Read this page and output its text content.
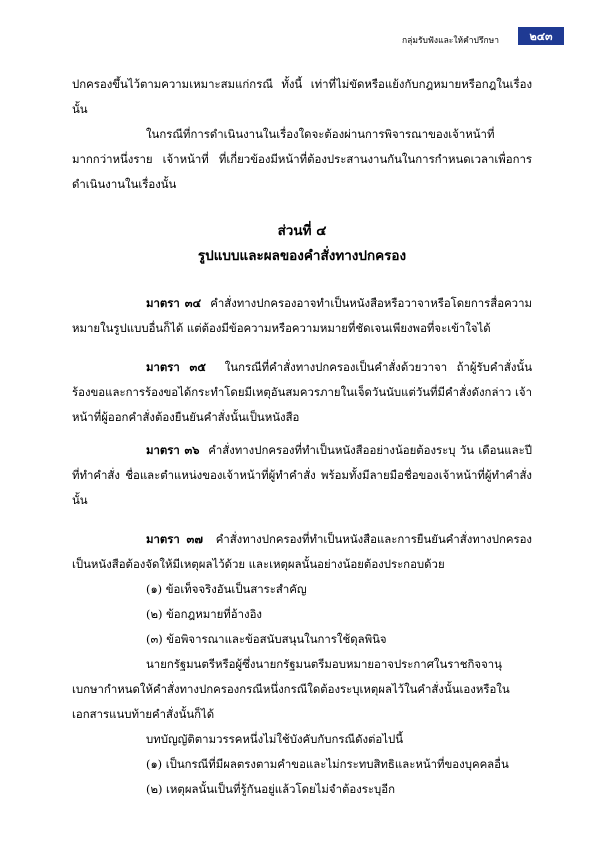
กลุ่มรับฟังและให้คำปรึกษา	๒๔๓

ปกครองขึ้นไว้ตามความเหมาะสมแก่กรณี ทั้งนี้ เท่าที่ไม่ขัดหรือแย้งกับกฎหมายหรือกฎในเรื่องนั้น

ในกรณีที่การดำเนินงานในเรื่องใดจะต้องผ่านการพิจารณาของเจ้าหน้าที่มากกว่าหนึ่งราย เจ้าหน้าที่ ที่เกี่ยวข้องมีหน้าที่ต้องประสานงานกันในการกำหนดเวลาเพื่อการดำเนินงานในเรื่องนั้น

ส่วนที่ ๔

รูปแบบและผลของคำสั่งทางปกครอง

มาตรา ๓๔ คำสั่งทางปกครองอาจทำเป็นหนังสือหรือวาจาหรือโดยการสื่อความหมายในรูปแบบอื่นก็ได้ แต่ต้องมีข้อความหรือความหมายที่ชัดเจนเพียงพอที่จะเข้าใจได้

มาตรา ๓๕ ในกรณีที่คำสั่งทางปกครองเป็นคำสั่งด้วยวาจา ถ้าผู้รับคำสั่งนั้นร้องขอและการร้องขอได้กระทำโดยมีเหตุอันสมควรภายในเจ็ดวันนับแต่วันที่มีคำสั่งดังกล่าว เจ้าหน้าที่ผู้ออกคำสั่งต้องยืนยันคำสั่งนั้นเป็นหนังสือ

มาตรา ๓๖ คำสั่งทางปกครองที่ทำเป็นหนังสืออย่างน้อยต้องระบุ วัน เดือนและปีที่ทำคำสั่ง ชื่อและตำแหน่งของเจ้าหน้าที่ผู้ทำคำสั่ง พร้อมทั้งมีลายมือชื่อของเจ้าหน้าที่ผู้ทำคำสั่งนั้น

มาตรา ๓๗ คำสั่งทางปกครองที่ทำเป็นหนังสือและการยืนยันคำสั่งทางปกครองเป็นหนังสือต้องจัดให้มีเหตุผลไว้ด้วย และเหตุผลนั้นอย่างน้อยต้องประกอบด้วย

(๑) ข้อเท็จจริงอันเป็นสาระสำคัญ

(๒) ข้อกฎหมายที่อ้างอิง

(๓) ข้อพิจารณาและข้อสนับสนุนในการใช้ดุลพินิจ

นายกรัฐมนตรีหรือผู้ซึ่งนายกรัฐมนตรีมอบหมายอาจประกาศในราชกิจจานุเบกษากำหนดให้คำสั่งทางปกครองกรณีหนึ่งกรณีใดต้องระบุเหตุผลไว้ในคำสั่งนั้นเองหรือในเอกสารแนบท้ายคำสั่งนั้นก็ได้

บทบัญญัติตามวรรคหนึ่งไม่ใช้บังคับกับกรณีดังต่อไปนี้

(๑) เป็นกรณีที่มีผลตรงตามคำขอและไม่กระทบสิทธิและหน้าที่ของบุคคลอื่น

(๒) เหตุผลนั้นเป็นที่รู้กันอยู่แล้วโดยไม่จำต้องระบุอีก
